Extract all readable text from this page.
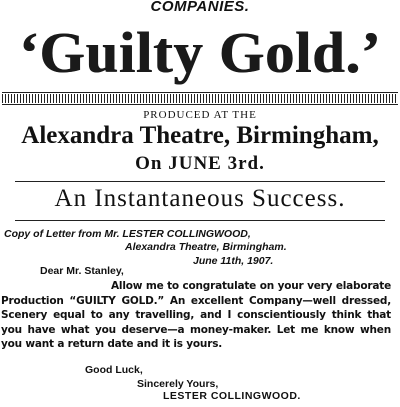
COMPANIES.
‘Guilty Gold.’
PRODUCED AT THE
Alexandra Theatre, Birmingham,
On JUNE 3rd.
An Instantaneous Success.
Copy of Letter from Mr. LESTER COLLINGWOOD,
Alexandra Theatre, Birmingham.
June 11th, 1907.
Dear Mr. Stanley,
Allow me to congratulate on your very elaborate Production “GUILTY GOLD.” An excellent Company—well dressed, Scenery equal to any travelling, and I conscientiously think that you have what you deserve—a money-maker. Let me know when you want a return date and it is yours.
Good Luck,
Sincerely Yours,
LESTER COLLINGWOOD.
